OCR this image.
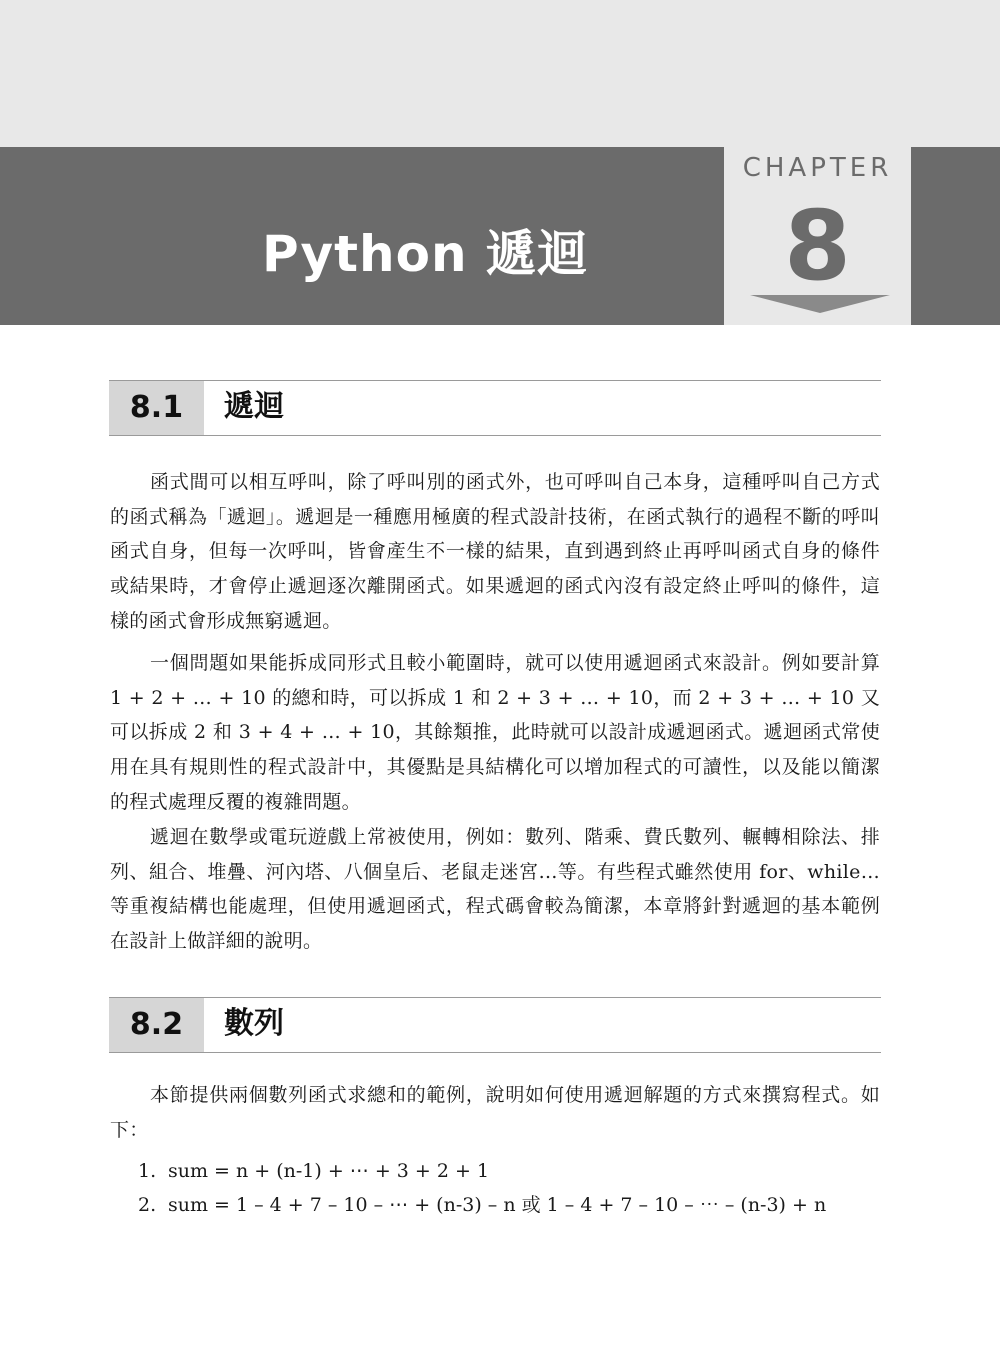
Python 遞迴
CHAPTER
8
8.1	遞迴

函式間可以相互呼叫，除了呼叫別的函式外，也可呼叫自己本身，這種呼叫自己方式的函式稱為「遞迴」。遞迴是一種應用極廣的程式設計技術，在函式執行的過程不斷的呼叫函式自身，但每一次呼叫，皆會產生不一樣的結果，直到遇到終止再呼叫函式自身的條件或結果時，才會停止遞迴逐次離開函式。如果遞迴的函式內沒有設定終止呼叫的條件，這樣的函式會形成無窮遞迴。

一個問題如果能拆成同形式且較小範圍時，就可以使用遞迴函式來設計。例如要計算 1 + 2 + … + 10 的總和時，可以拆成 1 和 2 + 3 + … + 10，而 2 + 3 + … + 10 又可以拆成 2 和 3 + 4 + … + 10，其餘類推，此時就可以設計成遞迴函式。遞迴函式常使用在具有規則性的程式設計中，其優點是具結構化可以增加程式的可讀性，以及能以簡潔的程式處理反覆的複雜問題。

遞迴在數學或電玩遊戲上常被使用，例如：數列、階乘、費氏數列、輾轉相除法、排列、組合、堆疊、河內塔、八個皇后、老鼠走迷宮…等。有些程式雖然使用 for、while…等重複結構也能處理，但使用遞迴函式，程式碼會較為簡潔，本章將針對遞迴的基本範例在設計上做詳細的說明。

8.2	數列

本節提供兩個數列函式求總和的範例，說明如何使用遞迴解題的方式來撰寫程式。如下：

1. sum = n + (n-1) + ⋯ + 3 + 2 + 1
2. sum = 1 – 4 + 7 – 10 – ⋯ + (n-3) – n 或 1 – 4 + 7 – 10 – ⋯ – (n-3) + n
